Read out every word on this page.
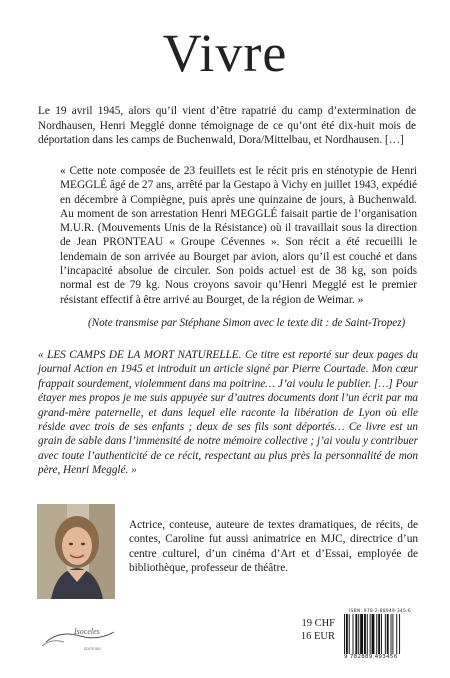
Vivre

Le 19 avril 1945, alors qu’il vient d’être rapatrié du camp d’extermination de Nordhausen, Henri Megglé donne témoignage de ce qu’ont été dix-huit mois de déportation dans les camps de Buchenwald, Dora/Mittelbau, et Nordhausen. […]

« Cette note composée de 23 feuillets est le récit pris en sténotypie de Henri MEGGLÉ âgé de 27 ans, arrêté par la Gestapo à Vichy en juillet 1943, expédié en décembre à Compiègne, puis après une quinzaine de jours, à Buchenwald. Au moment de son arrestation Henri MEGGLÉ faisait partie de l’organisation M.U.R. (Mouvements Unis de la Résistance) où il travaillait sous la direction de Jean PRONTEAU « Groupe Cévennes ». Son récit a été recueilli le lendemain de son arrivée au Bourget par avion, alors qu’il est couché et dans l’incapacité absolue de circuler. Son poids actuel est de 38 kg, son poids normal est de 79 kg. Nous croyons savoir qu’Henri Megglé est le premier résistant effectif à être arrivé au Bourget, de la région de Weimar. »

(Note transmise par Stéphane Simon avec le texte dit : de Saint-Tropez)

« LES CAMPS DE LA MORT NATURELLE. Ce titre est reporté sur deux pages du journal Action en 1945 et introduit un article signé par Pierre Courtade. Mon cœur frappait sourdement, violemment dans ma poitrine… J’ai voulu le publier. […] Pour étayer mes propos je me suis appuyée sur d’autres documents dont l’un écrit par ma grand-mère paternelle, et dans lequel elle raconte la libération de Lyon où elle réside avec trois de ses enfants ; deux de ses fils sont déportés… Ce livre est un grain de sable dans l’immensité de notre mémoire collective ; j’ai voulu y contribuer avec toute l’authenticité de ce récit, respectant au plus près la personnalité de mon père, Henri Megglé. »

Actrice, conteuse, auteure de textes dramatiques, de récits, de contes, Caroline fut aussi animatrice en MJC, directrice d’un centre culturel, d’un cinéma d’Art et d’Essai, employée de bibliothèque, professeur de théâtre.

Isoceles
ÉDITIONS
19 CHF
16 EUR
ISBN: 978-2-88949-345-6
9 782889 493456
